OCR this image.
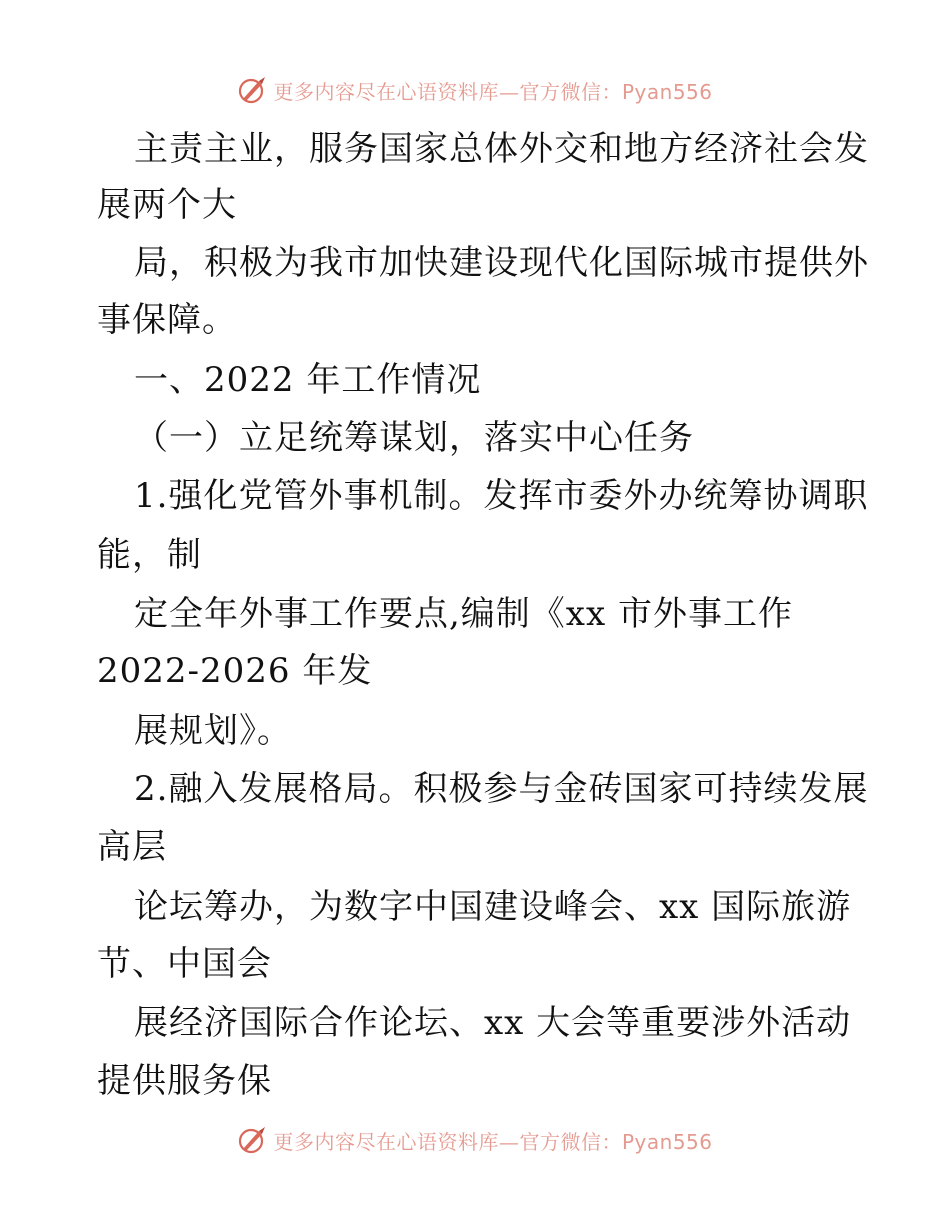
更多内容尽在心语资料库—官方微信：Pyan556
主责主业，服务国家总体外交和地方经济社会发
展两个大
局，积极为我市加快建设现代化国际城市提供外
事保障。
一、2022 年工作情况
（一）立足统筹谋划，落实中心任务
1.强化党管外事机制。发挥市委外办统筹协调职
能，制
定全年外事工作要点,编制《xx 市外事工作
2022-2026 年发
展规划》。
2.融入发展格局。积极参与金砖国家可持续发展
高层
论坛筹办，为数字中国建设峰会、xx 国际旅游
节、中国会
展经济国际合作论坛、xx 大会等重要涉外活动
提供服务保
更多内容尽在心语资料库—官方微信：Pyan556
